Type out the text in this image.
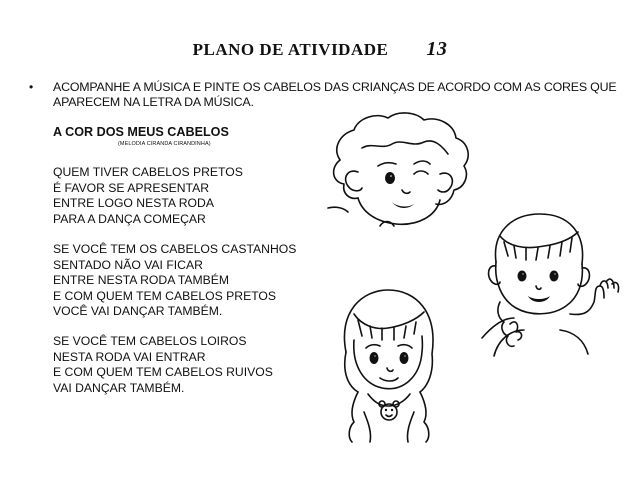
PLANO DE ATIVIDADE 13
• ACOMPANHE A MÚSICA E PINTE OS CABELOS DAS CRIANÇAS DE ACORDO COM AS CORES QUE APARECEM NA LETRA DA MÚSICA.
A COR DOS MEUS CABELOS
(MELODIA CIRANDA CIRANDINHA)
QUEM TIVER CABELOS PRETOS
É FAVOR SE APRESENTAR
ENTRE LOGO NESTA RODA
PARA A DANÇA COMEÇAR
SE VOCÊ TEM OS CABELOS CASTANHOS
SENTADO NÃO VAI FICAR
ENTRE NESTA RODA TAMBÉM
E COM QUEM TEM CABELOS PRETOS
VOCÊ VAI DANÇAR TAMBÉM.
SE VOCÊ TEM CABELOS LOIROS
NESTA RODA VAI ENTRAR
E COM QUEM TEM CABELOS RUIVOS
VAI DANÇAR TAMBÉM.
